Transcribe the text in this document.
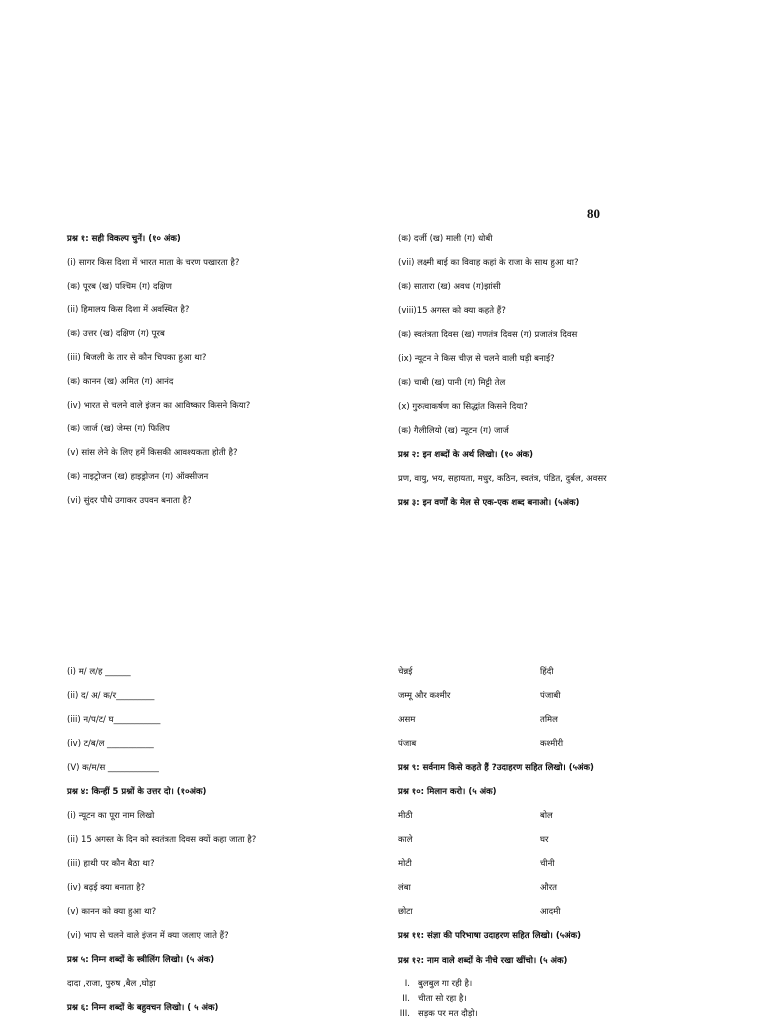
80
प्रश्न १: सही विकल्प चुनें। (१० अंक)
(i) सागर किस दिशा में भारत माता के चरण पखारता है?
(क) पूरब (ख) पश्चिम (ग) दक्षिण
(ii) हिमालय किस दिशा में अवस्थित है?
(क) उत्तर (ख) दक्षिण (ग) पूरब
(iii) बिजली के तार से कौन चिपका हुआ था?
(क) कानन (ख) अमित (ग) आनंद
(iv) भारत से चलने वाले इंजन का आविष्कार किसने किया?
(क) जार्ज (ख) जेम्स (ग) फिलिप
(v) सांस लेने के लिए हमें किसकी आवश्यकता होती है?
(क) नाइट्रोजन (ख) हाइड्रोजन (ग) ऑक्सीजन
(vi) सुंदर पौधे उगाकर उपवन बनाता है?
(क) दर्जी (ख) माली (ग) धोबी
(vii) लक्ष्मी बाई का विवाह कहां के राजा के साथ हुआ था?
(क) सातारा (ख) अवध (ग)झांसी
(viii)15 अगस्त को क्या कहते हैं?
(क) स्वतंत्रता दिवस (ख) गणतंत्र दिवस (ग) प्रजातंत्र दिवस
(ix) न्यूटन ने किस चीज़ से चलने वाली घड़ी बनाई?
(क) चाबी (ख) पानी (ग) मिट्टी तेल
(x) गुरुत्वाकर्षण का सिद्धांत किसने दिया?
(क) गैलीलियो (ख) न्यूटन (ग) जार्ज
प्रश्न २: इन शब्दों के अर्थ लिखो। (१० अंक)
प्रण, वायु, भय, सहायता, मधुर, कठिन, स्वतंत्र, पंडित, दुर्बल, अवसर
प्रश्न ३: इन वर्णों के मेल से एक-एक शब्द बनाओ। (५अंक)
(i) म/ ल/ह ______
(ii) द/ अ/ क/र_________
(iii) न/प/ट/ घ___________
(iv) ट/ब/ल ___________
(V) क/म/स ____________
प्रश्न ४: किन्हीं 5 प्रश्नों के उत्तर दो। (१०अंक)
(i) न्यूटन का पूरा नाम लिखो
(ii) 15 अगस्त के दिन को स्वतंत्रता दिवस क्यों कहा जाता है?
(iii) हाथी पर कौन बैठा था?
(iv) बढ़ई क्या बनाता है?
(v) कानन को क्या हुआ था?
(vi) भाप से चलने वाले इंजन में क्या जलाए जाते हैं?
प्रश्न ५: निम्न शब्दों के स्त्रीलिंग लिखो। (५ अंक)
दादा ,राजा, पुरुष ,बैल ,घोड़ा
प्रश्न ६: निम्न शब्दों के बहुवचन लिखो। ( ५ अंक)
चेन्नई	हिंदी
जम्मू और कश्मीर	पंजाबी
असम	तमिल
पंजाब	कश्मीरी
प्रश्न ९: सर्वनाम किसे कहते हैं ?उदाहरण सहित लिखो। (५अंक)
प्रश्न १०: मिलान करो। (५ अंक)
मीठी	बोल
काले	घर
मोटी	चीनी
लंबा	औरत
छोटा	आदमी
प्रश्न ११: संज्ञा की परिभाषा उदाहरण सहित लिखो। (५अंक)
प्रश्न १२: नाम वाले शब्दों के नीचे रखा खींचो। (५ अंक)
I. बुलबुल गा रही है।
II. चीता सो रहा है।
III. सड़क पर मत दौड़ो।
